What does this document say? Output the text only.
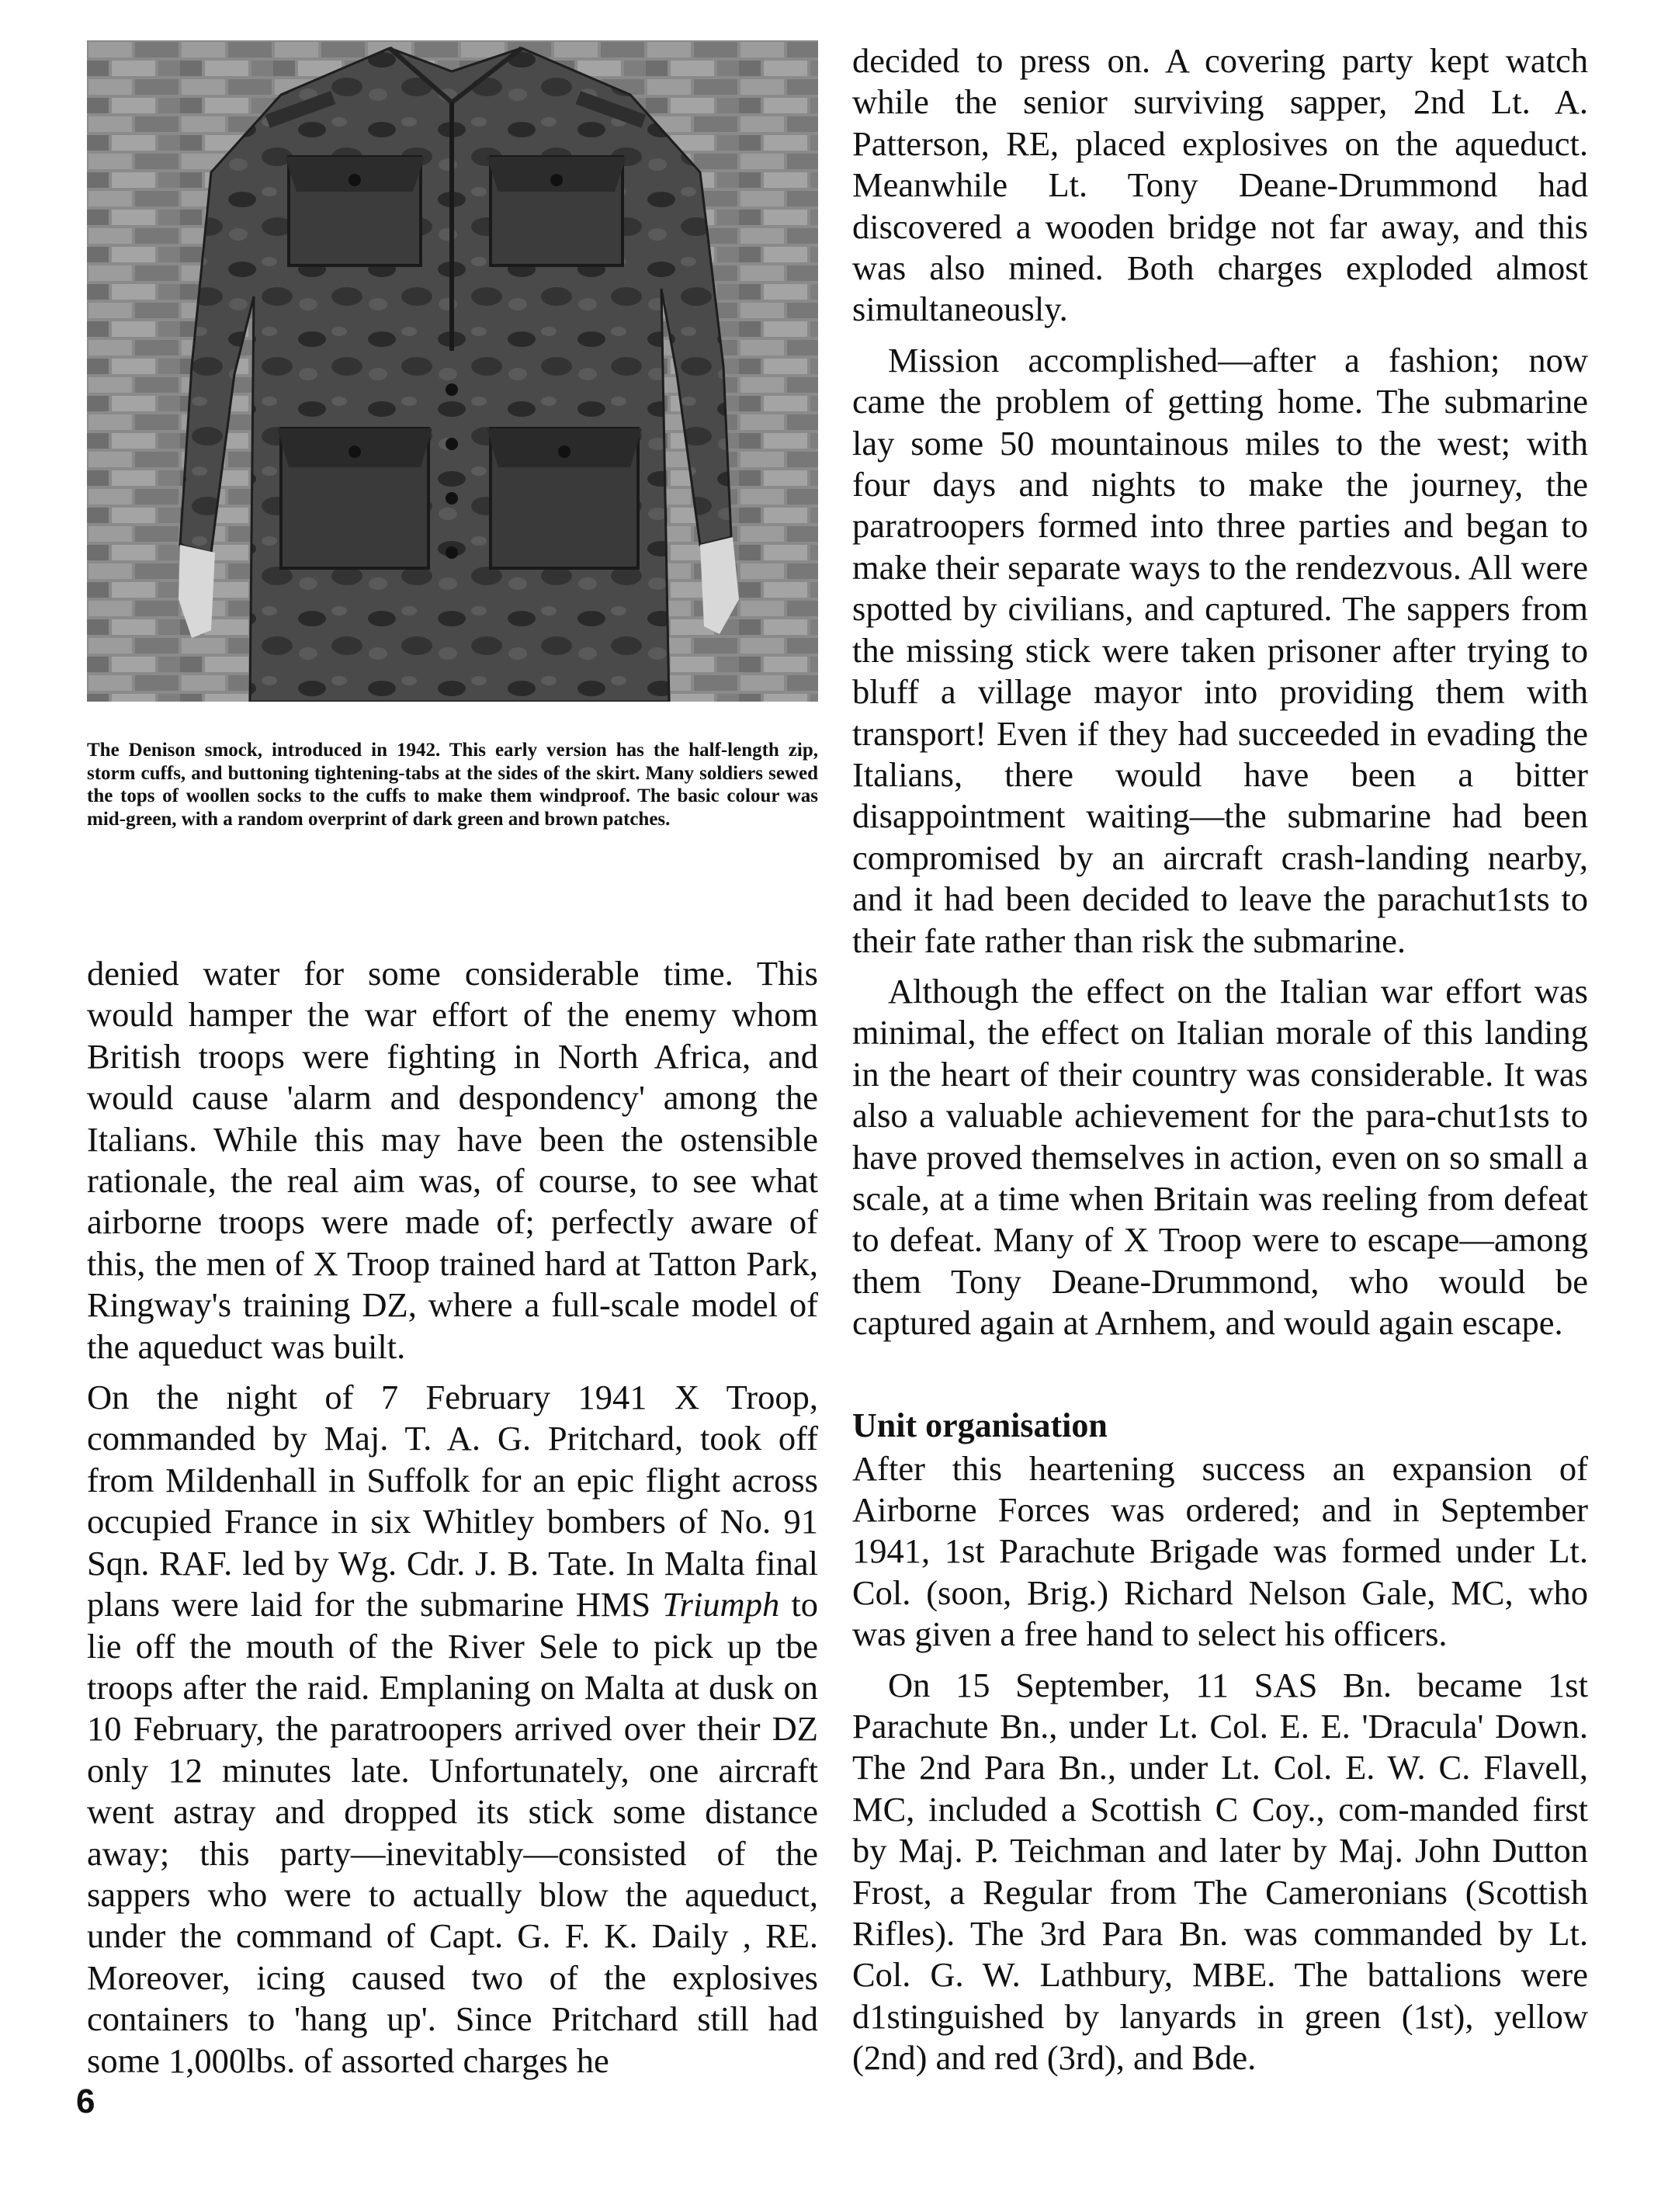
The Denison smock, introduced in 1942. This early version has the half-length zip, storm cuffs, and buttoning tightening-tabs at the sides of the skirt. Many soldiers sewed the tops of woollen socks to the cuffs to make them windproof. The basic colour was mid-green, with a random overprint of dark green and brown patches.

denied water for some considerable time. This would hamper the war effort of the enemy whom British troops were fighting in North Africa, and would cause 'alarm and despondency' among the Italians. While this may have been the ostensible rationale, the real aim was, of course, to see what airborne troops were made of; perfectly aware of this, the men of X Troop trained hard at Tatton Park, Ringway's training DZ, where a full-scale model of the aqueduct was built.

On the night of 7 February 1941 X Troop, commanded by Maj. T. A. G. Pritchard, took off from Mildenhall in Suffolk for an epic flight across occupied France in six Whitley bombers of No. 91 Sqn. RAF. led by Wg. Cdr. J. B. Tate. In Malta final plans were laid for the submarine HMS Triumph to lie off the mouth of the River Sele to pick up tbe troops after the raid. Emplaning on Malta at dusk on 10 February, the paratroopers arrived over their DZ only 12 minutes late. Unfortunately, one aircraft went astray and dropped its stick some distance away; this party—inevitably—consisted of the sappers who were to actually blow the aqueduct, under the command of Capt. G. F. K. Daily , RE. Moreover, icing caused two of the explosives containers to 'hang up'. Since Pritchard still had some 1,000lbs. of assorted charges he

decided to press on. A covering party kept watch while the senior surviving sapper, 2nd Lt. A. Patterson, RE, placed explosives on the aqueduct. Meanwhile Lt. Tony Deane-Drummond had discovered a wooden bridge not far away, and this was also mined. Both charges exploded almost simultaneously.

Mission accomplished—after a fashion; now came the problem of getting home. The submarine lay some 50 mountainous miles to the west; with four days and nights to make the journey, the paratroopers formed into three parties and began to make their separate ways to the rendezvous. All were spotted by civilians, and captured. The sappers from the missing stick were taken prisoner after trying to bluff a village mayor into providing them with transport! Even if they had succeeded in evading the Italians, there would have been a bitter disappointment waiting—the submarine had been compromised by an aircraft crash-landing nearby, and it had been decided to leave the parachut1sts to their fate rather than risk the submarine.

Although the effect on the Italian war effort was minimal, the effect on Italian morale of this landing in the heart of their country was considerable. It was also a valuable achievement for the para-chut1sts to have proved themselves in action, even on so small a scale, at a time when Britain was reeling from defeat to defeat. Many of X Troop were to escape—among them Tony Deane-Drummond, who would be captured again at Arnhem, and would again escape.

Unit organisation

After this heartening success an expansion of Airborne Forces was ordered; and in September 1941, 1st Parachute Brigade was formed under Lt. Col. (soon, Brig.) Richard Nelson Gale, MC, who was given a free hand to select his officers.

On 15 September, 11 SAS Bn. became 1st Parachute Bn., under Lt. Col. E. E. 'Dracula' Down. The 2nd Para Bn., under Lt. Col. E. W. C. Flavell, MC, included a Scottish C Coy., com-manded first by Maj. P. Teichman and later by Maj. John Dutton Frost, a Regular from The Cameronians (Scottish Rifles). The 3rd Para Bn. was commanded by Lt. Col. G. W. Lathbury, MBE. The battalions were d1stinguished by lanyards in green (1st), yellow (2nd) and red (3rd), and Bde.

6
